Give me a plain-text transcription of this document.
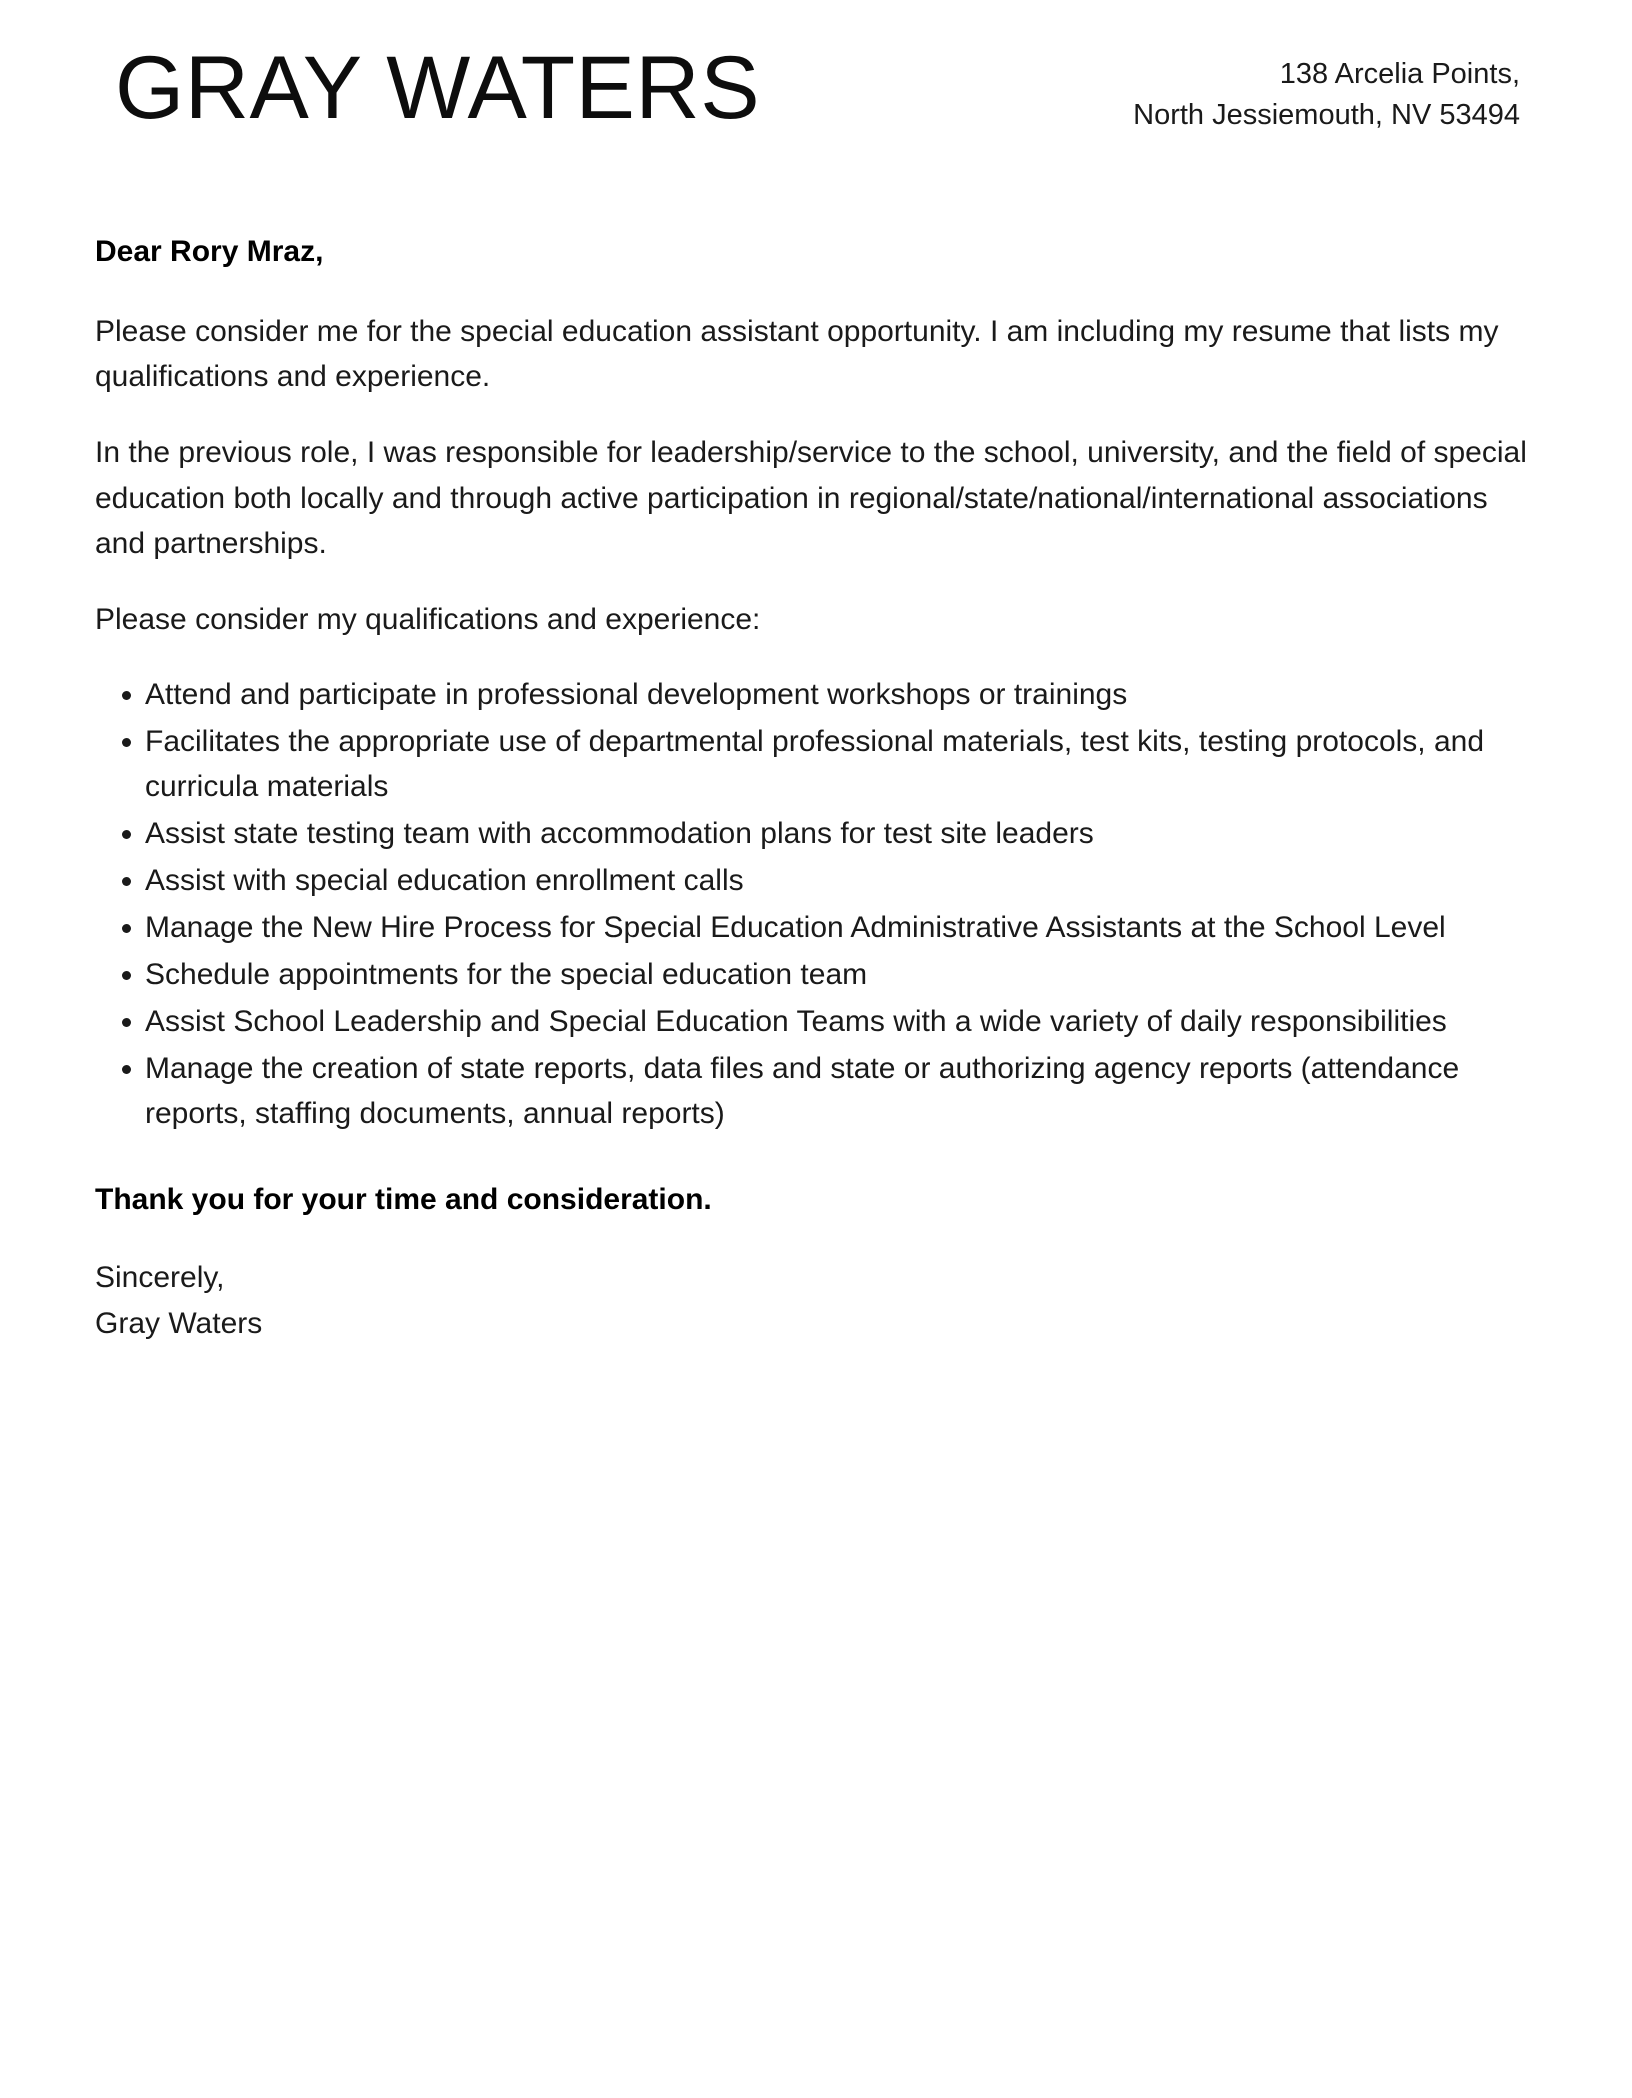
GRAY WATERS	138 Arcelia Points,
North Jessiemouth, NV 53494

Dear Rory Mraz,

Please consider me for the special education assistant opportunity. I am including my resume that lists my qualifications and experience.

In the previous role, I was responsible for leadership/service to the school, university, and the field of special education both locally and through active participation in regional/state/national/international associations and partnerships.

Please consider my qualifications and experience:

Attend and participate in professional development workshops or trainings
Facilitates the appropriate use of departmental professional materials, test kits, testing protocols, and curricula materials
Assist state testing team with accommodation plans for test site leaders
Assist with special education enrollment calls
Manage the New Hire Process for Special Education Administrative Assistants at the School Level
Schedule appointments for the special education team
Assist School Leadership and Special Education Teams with a wide variety of daily responsibilities
Manage the creation of state reports, data files and state or authorizing agency reports (attendance reports, staffing documents, annual reports)

Thank you for your time and consideration.

Sincerely,
Gray Waters
